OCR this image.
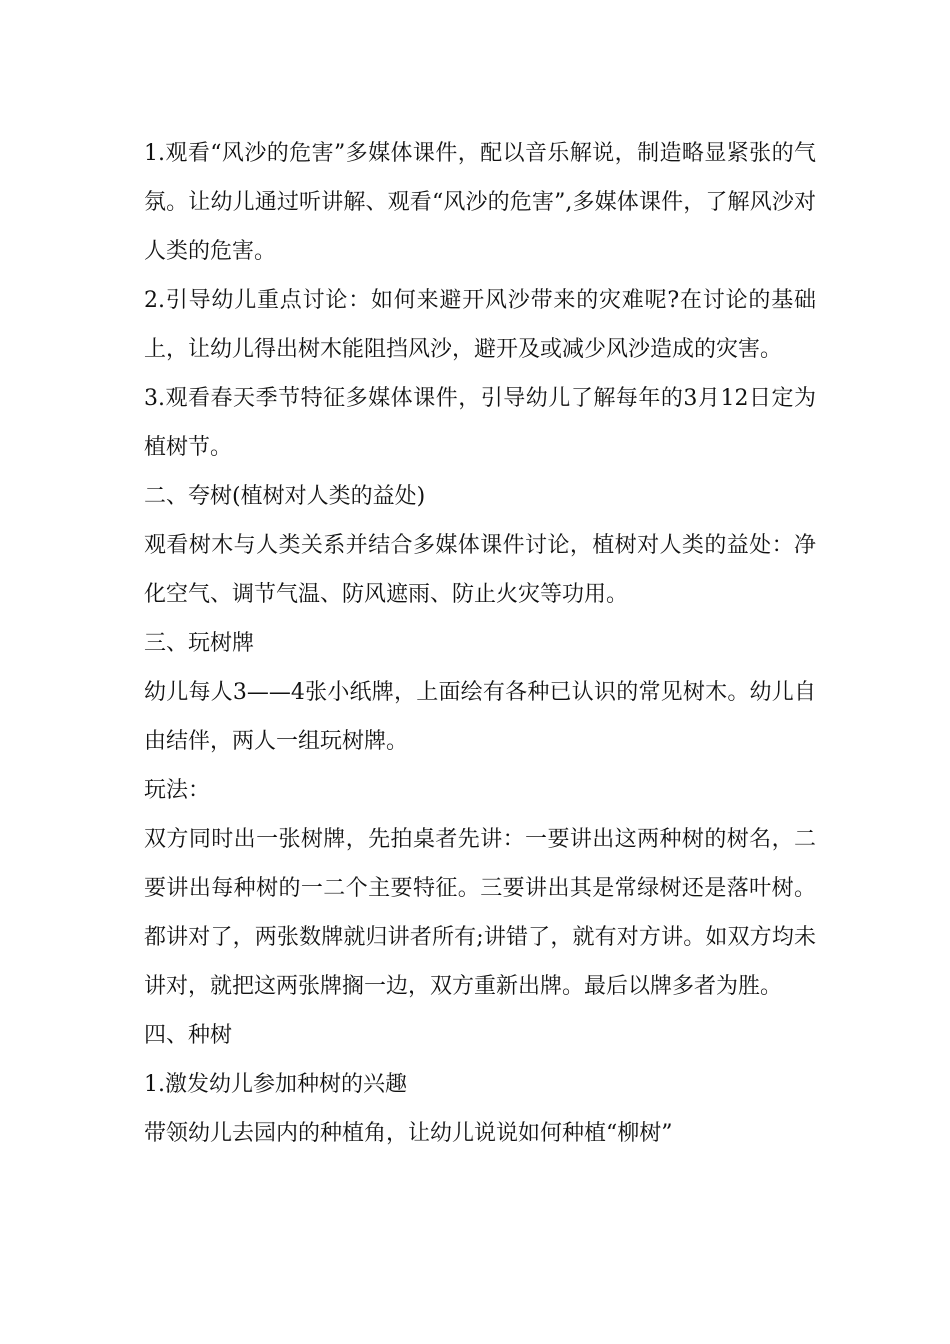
1.观看“风沙的危害”多媒体课件，配以音乐解说，制造略显紧张的气氛。让幼儿通过听讲解、观看“风沙的危害”,多媒体课件，了解风沙对人类的危害。

2.引导幼儿重点讨论：如何来避开风沙带来的灾难呢?在讨论的基础上，让幼儿得出树木能阻挡风沙，避开及或减少风沙造成的灾害。

3.观看春天季节特征多媒体课件，引导幼儿了解每年的3月12日定为植树节。

二、夸树(植树对人类的益处)

观看树木与人类关系并结合多媒体课件讨论，植树对人类的益处：净化空气、调节气温、防风遮雨、防止火灾等功用。

三、玩树牌

幼儿每人3——4张小纸牌，上面绘有各种已认识的常见树木。幼儿自由结伴，两人一组玩树牌。

玩法：

双方同时出一张树牌，先拍桌者先讲：一要讲出这两种树的树名，二要讲出每种树的一二个主要特征。三要讲出其是常绿树还是落叶树。都讲对了，两张数牌就归讲者所有;讲错了，就有对方讲。如双方均未讲对，就把这两张牌搁一边，双方重新出牌。最后以牌多者为胜。

四、种树

1.激发幼儿参加种树的兴趣

带领幼儿去园内的种植角，让幼儿说说如何种植“柳树”
